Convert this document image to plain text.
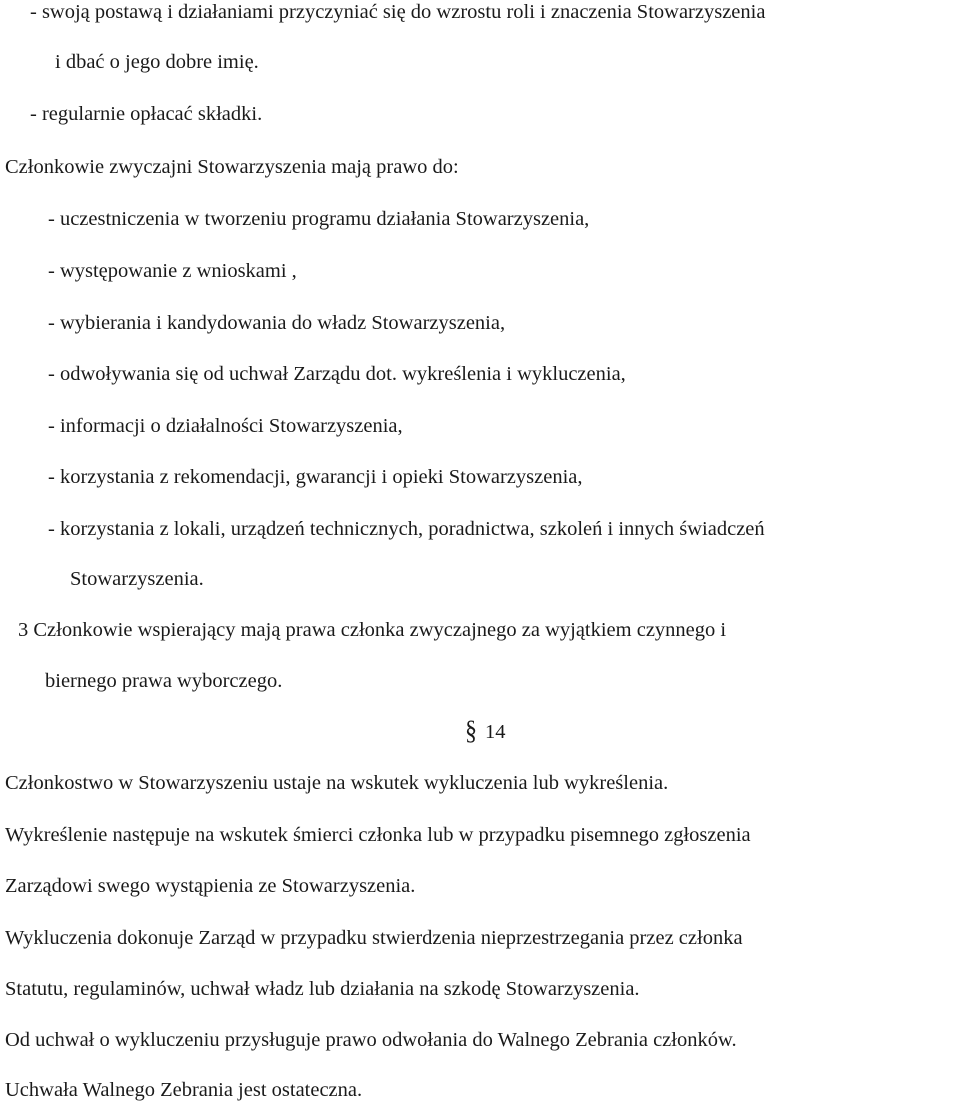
- swoją postawą i działaniami przyczyniać się do wzrostu roli i znaczenia Stowarzyszenia
i dbać o jego dobre imię.
- regularnie opłacać składki.
Członkowie zwyczajni Stowarzyszenia mają prawo do:
- uczestniczenia w tworzeniu programu działania Stowarzyszenia,
- występowanie z wnioskami ,
- wybierania i kandydowania do władz Stowarzyszenia,
- odwoływania się od uchwał Zarządu dot. wykreślenia i wykluczenia,
- informacji o działalności Stowarzyszenia,
- korzystania z rekomendacji, gwarancji i opieki Stowarzyszenia,
- korzystania z lokali, urządzeń technicznych, poradnictwa, szkoleń i innych świadczeń
Stowarzyszenia.
3 Członkowie wspierający mają prawa członka zwyczajnego za wyjątkiem czynnego i
biernego prawa wyborczego.
§ 14
Członkostwo w Stowarzyszeniu ustaje na wskutek wykluczenia lub wykreślenia.
Wykreślenie następuje na wskutek śmierci członka lub w przypadku pisemnego zgłoszenia
Zarządowi swego wystąpienia ze Stowarzyszenia.
Wykluczenia dokonuje Zarząd w przypadku stwierdzenia nieprzestrzegania przez członka
Statutu, regulaminów, uchwał władz lub działania na szkodę Stowarzyszenia.
Od uchwał o wykluczeniu przysługuje prawo odwołania do Walnego Zebrania członków.
Uchwała Walnego Zebrania jest ostateczna.
